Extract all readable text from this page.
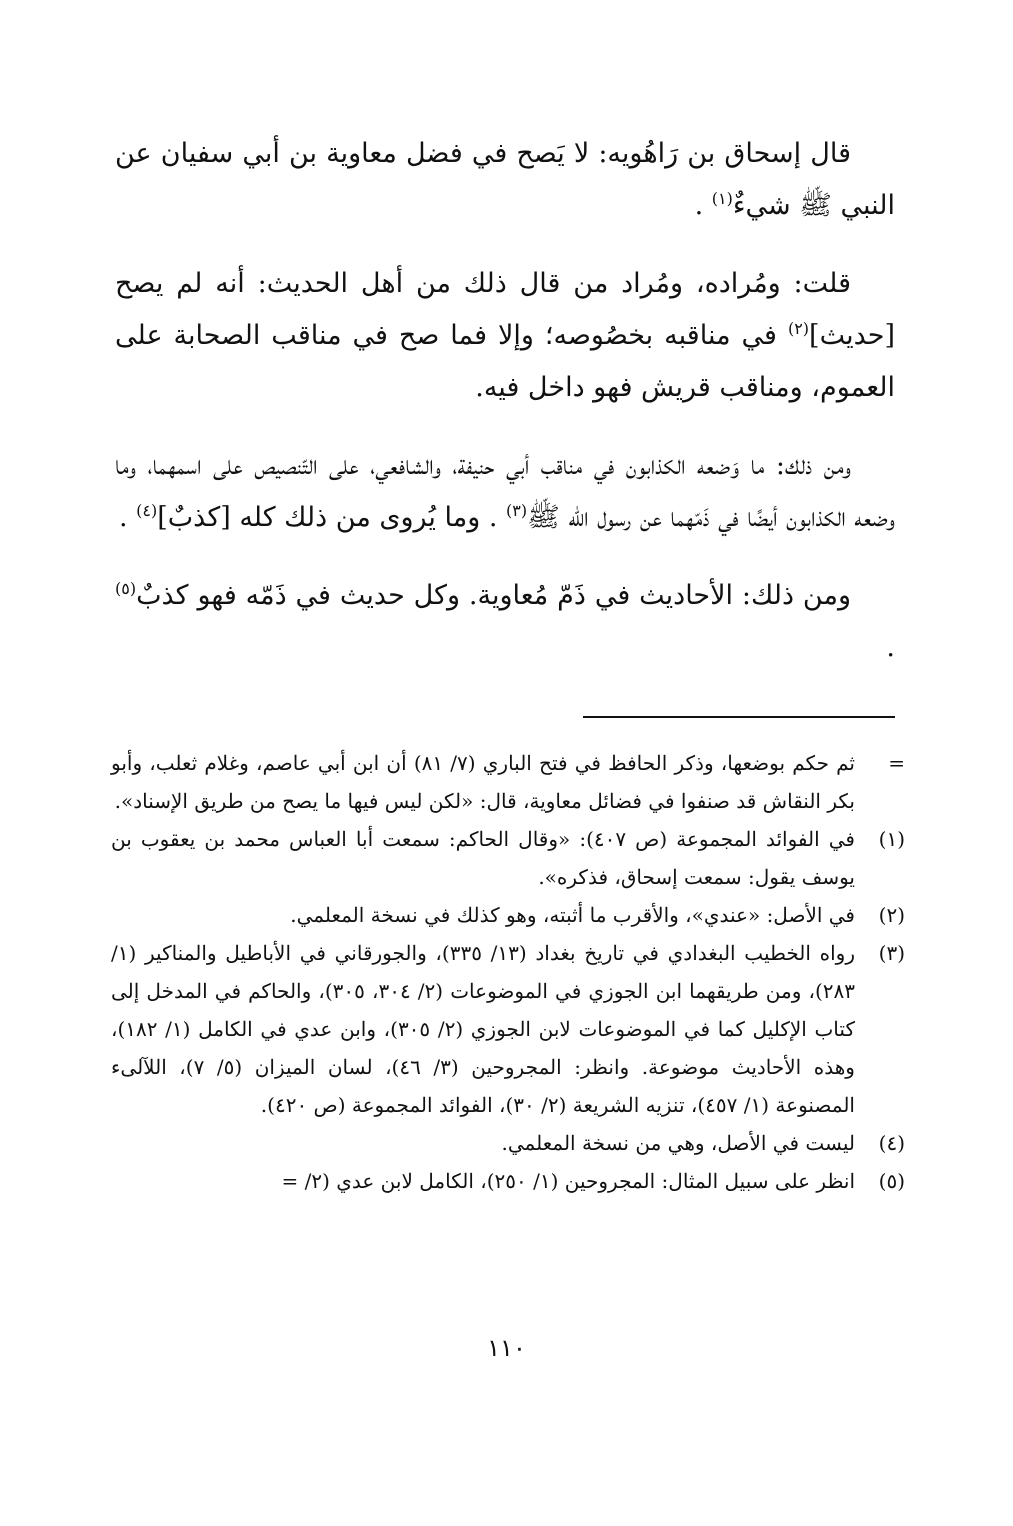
قال إسحاق بن رَاهُويه: لا يَصح في فضل معاوية بن أبي سفيان عن النبي ﷺ شيءٌ$^{(١)}$ .

قلت: ومُراده، ومُراد من قال ذلك من أهل الحديث: أنه لم يصح [حديث]$^{(٢)}$ في مناقبه بخصُوصه؛ وإلا فما صح في مناقب الصحابة على العموم، ومناقب قريش فهو داخل فيه.

ومن ذلك: ما وَضعه الكذابون في مناقب أبي حنيفة، والشافعي، على التّنصيص على اسمهما، وما وضعه الكذابون أيضًا في ذَمّهما عن رسول الله ﷺ$^{(٣)}$ . وما يُروى من ذلك كله [كذبٌ]$^{(٤)}$ .

ومن ذلك: الأحاديث في ذَمّ مُعاوية. وكل حديث في ذَمّه فهو كذبٌ$^{(٥)}$ .

=
ثم حكم بوضعها، وذكر الحافظ في فتح الباري (٧/ ٨١) أن ابن أبي عاصم، وغلام ثعلب، وأبو بكر النقاش قد صنفوا في فضائل معاوية، قال: «لكن ليس فيها ما يصح من طريق الإسناد».
(١)
في الفوائد المجموعة (ص ٤٠٧): «وقال الحاكم: سمعت أبا العباس محمد بن يعقوب بن يوسف يقول: سمعت إسحاق، فذكره».
(٢)
في الأصل: «عندي»، والأقرب ما أثبته، وهو كذلك في نسخة المعلمي.
(٣)
رواه الخطيب البغدادي في تاريخ بغداد (١٣/ ٣٣٥)، والجورقاني في الأباطيل والمناكير (١/ ٢٨٣)، ومن طريقهما ابن الجوزي في الموضوعات (٢/ ٣٠٤، ٣٠٥)، والحاكم في المدخل إلى كتاب الإكليل كما في الموضوعات لابن الجوزي (٢/ ٣٠٥)، وابن عدي في الكامل (١/ ١٨٢)، وهذه الأحاديث موضوعة. وانظر: المجروحين (٣/ ٤٦)، لسان الميزان (٥/ ٧)، اللآلىء المصنوعة (١/ ٤٥٧)، تنزيه الشريعة (٢/ ٣٠)، الفوائد المجموعة (ص ٤٢٠).
(٤)
ليست في الأصل، وهي من نسخة المعلمي.
(٥)
انظر على سبيل المثال: المجروحين (١/ ٢٥٠)، الكامل لابن عدي (٢/ =
١١٠
